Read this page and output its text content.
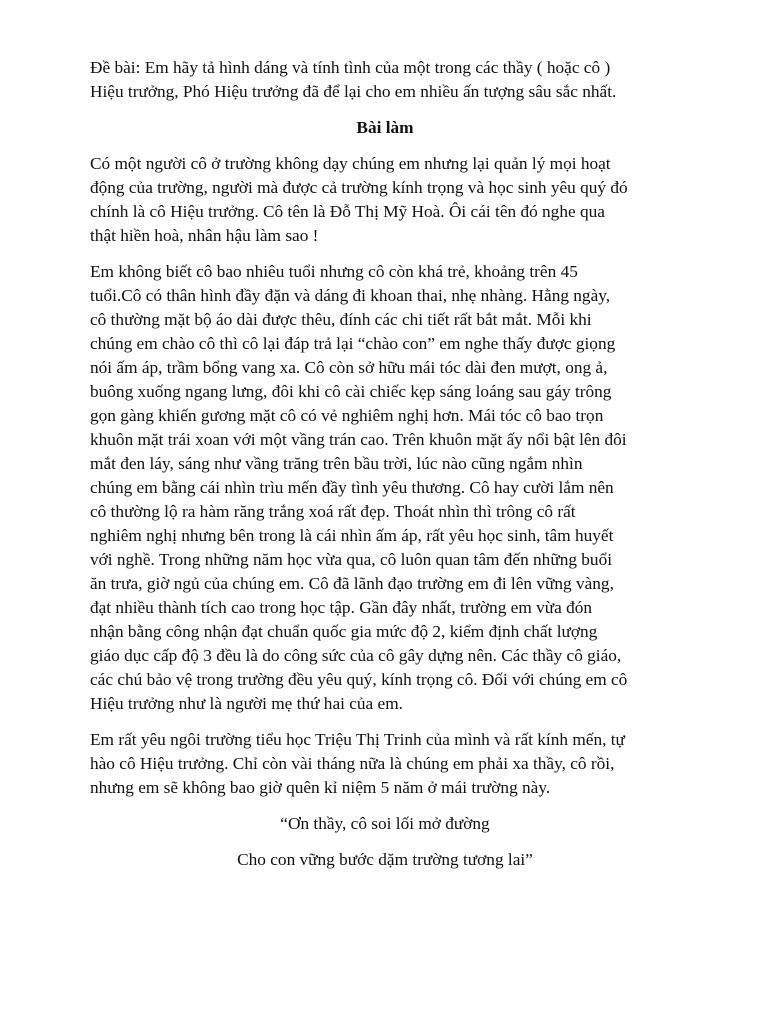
Đề bài: Em hãy tả hình dáng và tính tình của một trong các thầy ( hoặc cô )

Hiệu trưởng, Phó Hiệu trưởng đã để lại cho em nhiều ấn tượng sâu sắc nhất.

Bài làm

Có một người cô ở trường không dạy chúng em nhưng lại quản lý mọi hoạt

động của trường, người mà được cả trường kính trọng và học sinh yêu quý đó

chính là cô Hiệu trưởng. Cô tên là Đỗ Thị Mỹ Hoà. Ôi cái tên đó nghe qua

thật hiền hoà, nhân hậu làm sao !

Em không biết cô bao nhiêu tuổi nhưng cô còn khá trẻ, khoảng trên 45

tuổi.Cô có thân hình đầy đặn và dáng đi khoan thai, nhẹ nhàng. Hằng ngày,

cô thường mặt bộ áo dài được thêu, đính các chi tiết rất bắt mắt. Mỗi khi

chúng em chào cô thì cô lại đáp trả lại “chào con” em nghe thấy được giọng

nói ấm áp, trầm bổng vang xa. Cô còn sở hữu mái tóc dài đen mượt, ong ả,

buông xuống ngang lưng, đôi khi cô cài chiếc kẹp sáng loáng sau gáy trông

gọn gàng khiến gương mặt cô có vẻ nghiêm nghị hơn. Mái tóc cô bao trọn

khuôn mặt trái xoan với một vầng trán cao. Trên khuôn mặt ấy nổi bật lên đôi

mắt đen láy, sáng như vầng trăng trên bầu trời, lúc nào cũng ngắm nhìn

chúng em bằng cái nhìn trìu mến đầy tình yêu thương. Cô hay cười lắm nên

cô thường lộ ra hàm răng trắng xoá rất đẹp. Thoát nhìn thì trông cô rất

nghiêm nghị nhưng bên trong là cái nhìn ấm áp, rất yêu học sinh, tâm huyết

với nghề. Trong những năm học vừa qua, cô luôn quan tâm đến những buổi

ăn trưa, giờ ngủ của chúng em. Cô đã lãnh đạo trường em đi lên vững vàng,

đạt nhiều thành tích cao trong học tập. Gần đây nhất, trường em vừa đón

nhận bằng công nhận đạt chuẩn quốc gia mức độ 2, kiểm định chất lượng

giáo dục cấp độ 3 đều là do công sức của cô gây dựng nên. Các thầy cô giáo,

các chú bảo vệ trong trường đều yêu quý, kính trọng cô. Đối với chúng em cô

Hiệu trưởng như là người mẹ thứ hai của em.

Em rất yêu ngôi trường tiểu học Triệu Thị Trinh của mình và rất kính mến, tự

hào cô Hiệu trưởng. Chỉ còn vài tháng nữa là chúng em phải xa thầy, cô rồi,

nhưng em sẽ không bao giờ quên kỉ niệm 5 năm ở mái trường này.

“Ơn thầy, cô soi lối mở đường

Cho con vững bước dặm trường tương lai”
